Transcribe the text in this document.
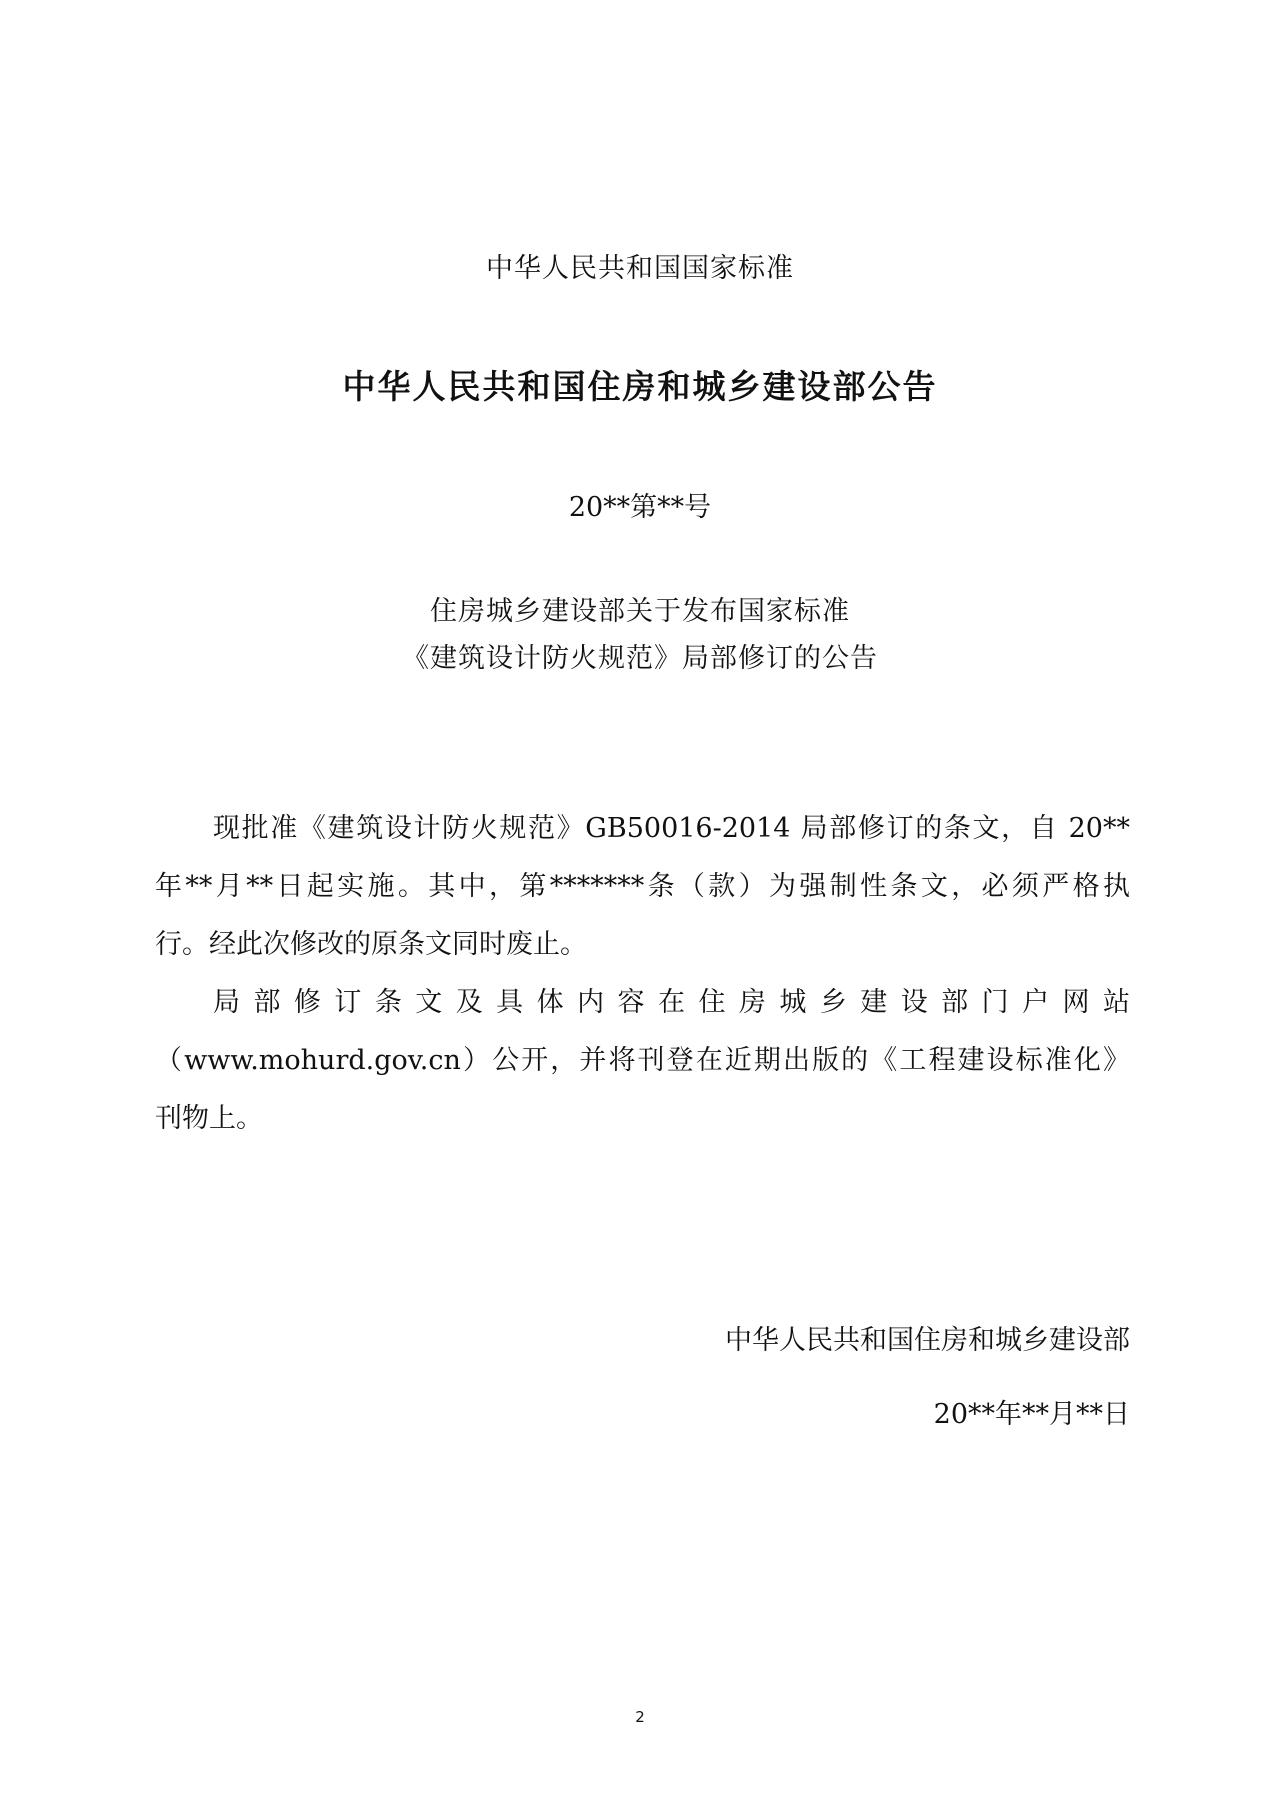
中华人民共和国国家标准
中华人民共和国住房和城乡建设部公告
20**第**号
住房城乡建设部关于发布国家标准
《建筑设计防火规范》局部修订的公告
现批准《建筑设计防火规范》GB50016-2014 局部修订的条文，自 20**
年**月**日起实施。其中，第*******条（款）为强制性条文，必须严格执
行。经此次修改的原条文同时废止。
局部修订条文及具体内容在住房城乡建设部门户网站
（www.mohurd.gov.cn）公开，并将刊登在近期出版的《工程建设标准化》
刊物上。
中华人民共和国住房和城乡建设部
20**年**月**日
2
